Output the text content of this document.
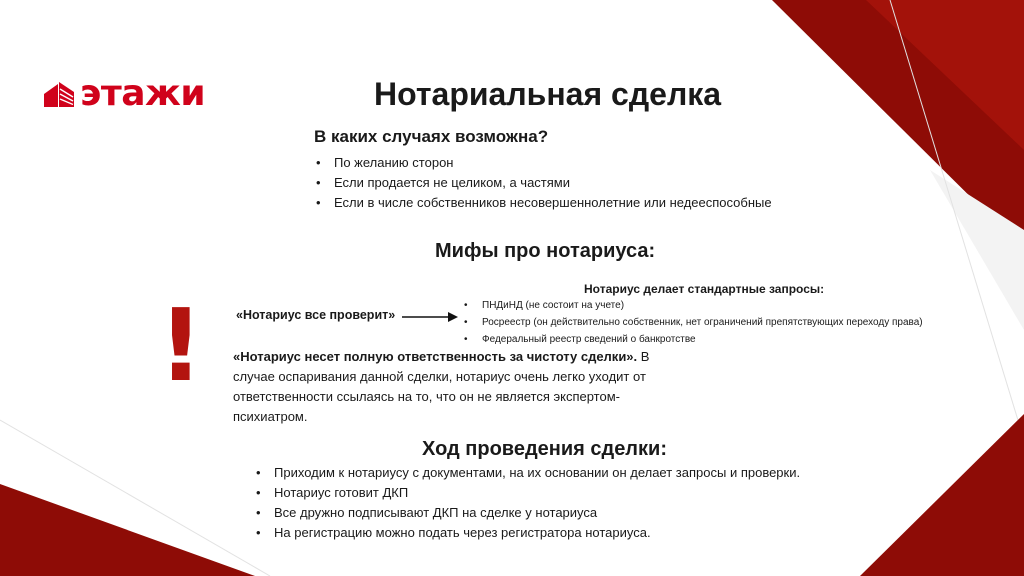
этажи	Нотариальная сделка
В каких случаях возможна?
• По желанию сторон
• Если продается не целиком, а частями
• Если в числе собственников несовершеннолетние или недееспособные
Мифы про нотариуса:
!	«Нотариус все проверит»
Нотариус делает стандартные запросы:
• ПНДиНД (не состоит на учете)
• Росреестр (он действительно собственник, нет ограничений препятствующих переходу права)
• Федеральный реестр сведений о банкротстве
«Нотариус несет полную ответственность за чистоту сделки». В случае оспаривания данной сделки, нотариус очень легко уходит от ответственности ссылаясь на то, что он не является экспертом-психиатром.
Ход проведения сделки:
• Приходим к нотариусу с документами, на их основании он делает запросы и проверки.
• Нотариус готовит ДКП
• Все дружно подписывают ДКП на сделке у нотариуса
• На регистрацию можно подать через регистратора нотариуса.
